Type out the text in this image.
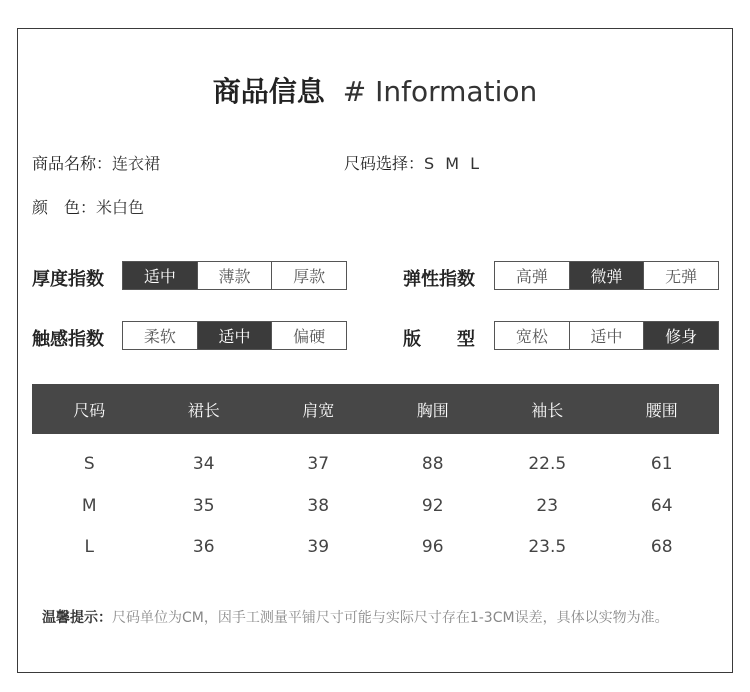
商品信息 # Information
商品名称：连衣裙	尺码选择：S M L
颜　色：米白色
厚度指数	适中	薄款	厚款	弹性指数	高弹	微弹	无弹
触感指数	柔软	适中	偏硬	版　　型	宽松	适中	修身
尺码	裙长	肩宽	胸围	袖长	腰围
S	34	37	88	22.5	61
M	35	38	92	23	64
L	36	39	96	23.5	68
温馨提示：尺码单位为CM，因手工测量平铺尺寸可能与实际尺寸存在1-3CM误差，具体以实物为准。
